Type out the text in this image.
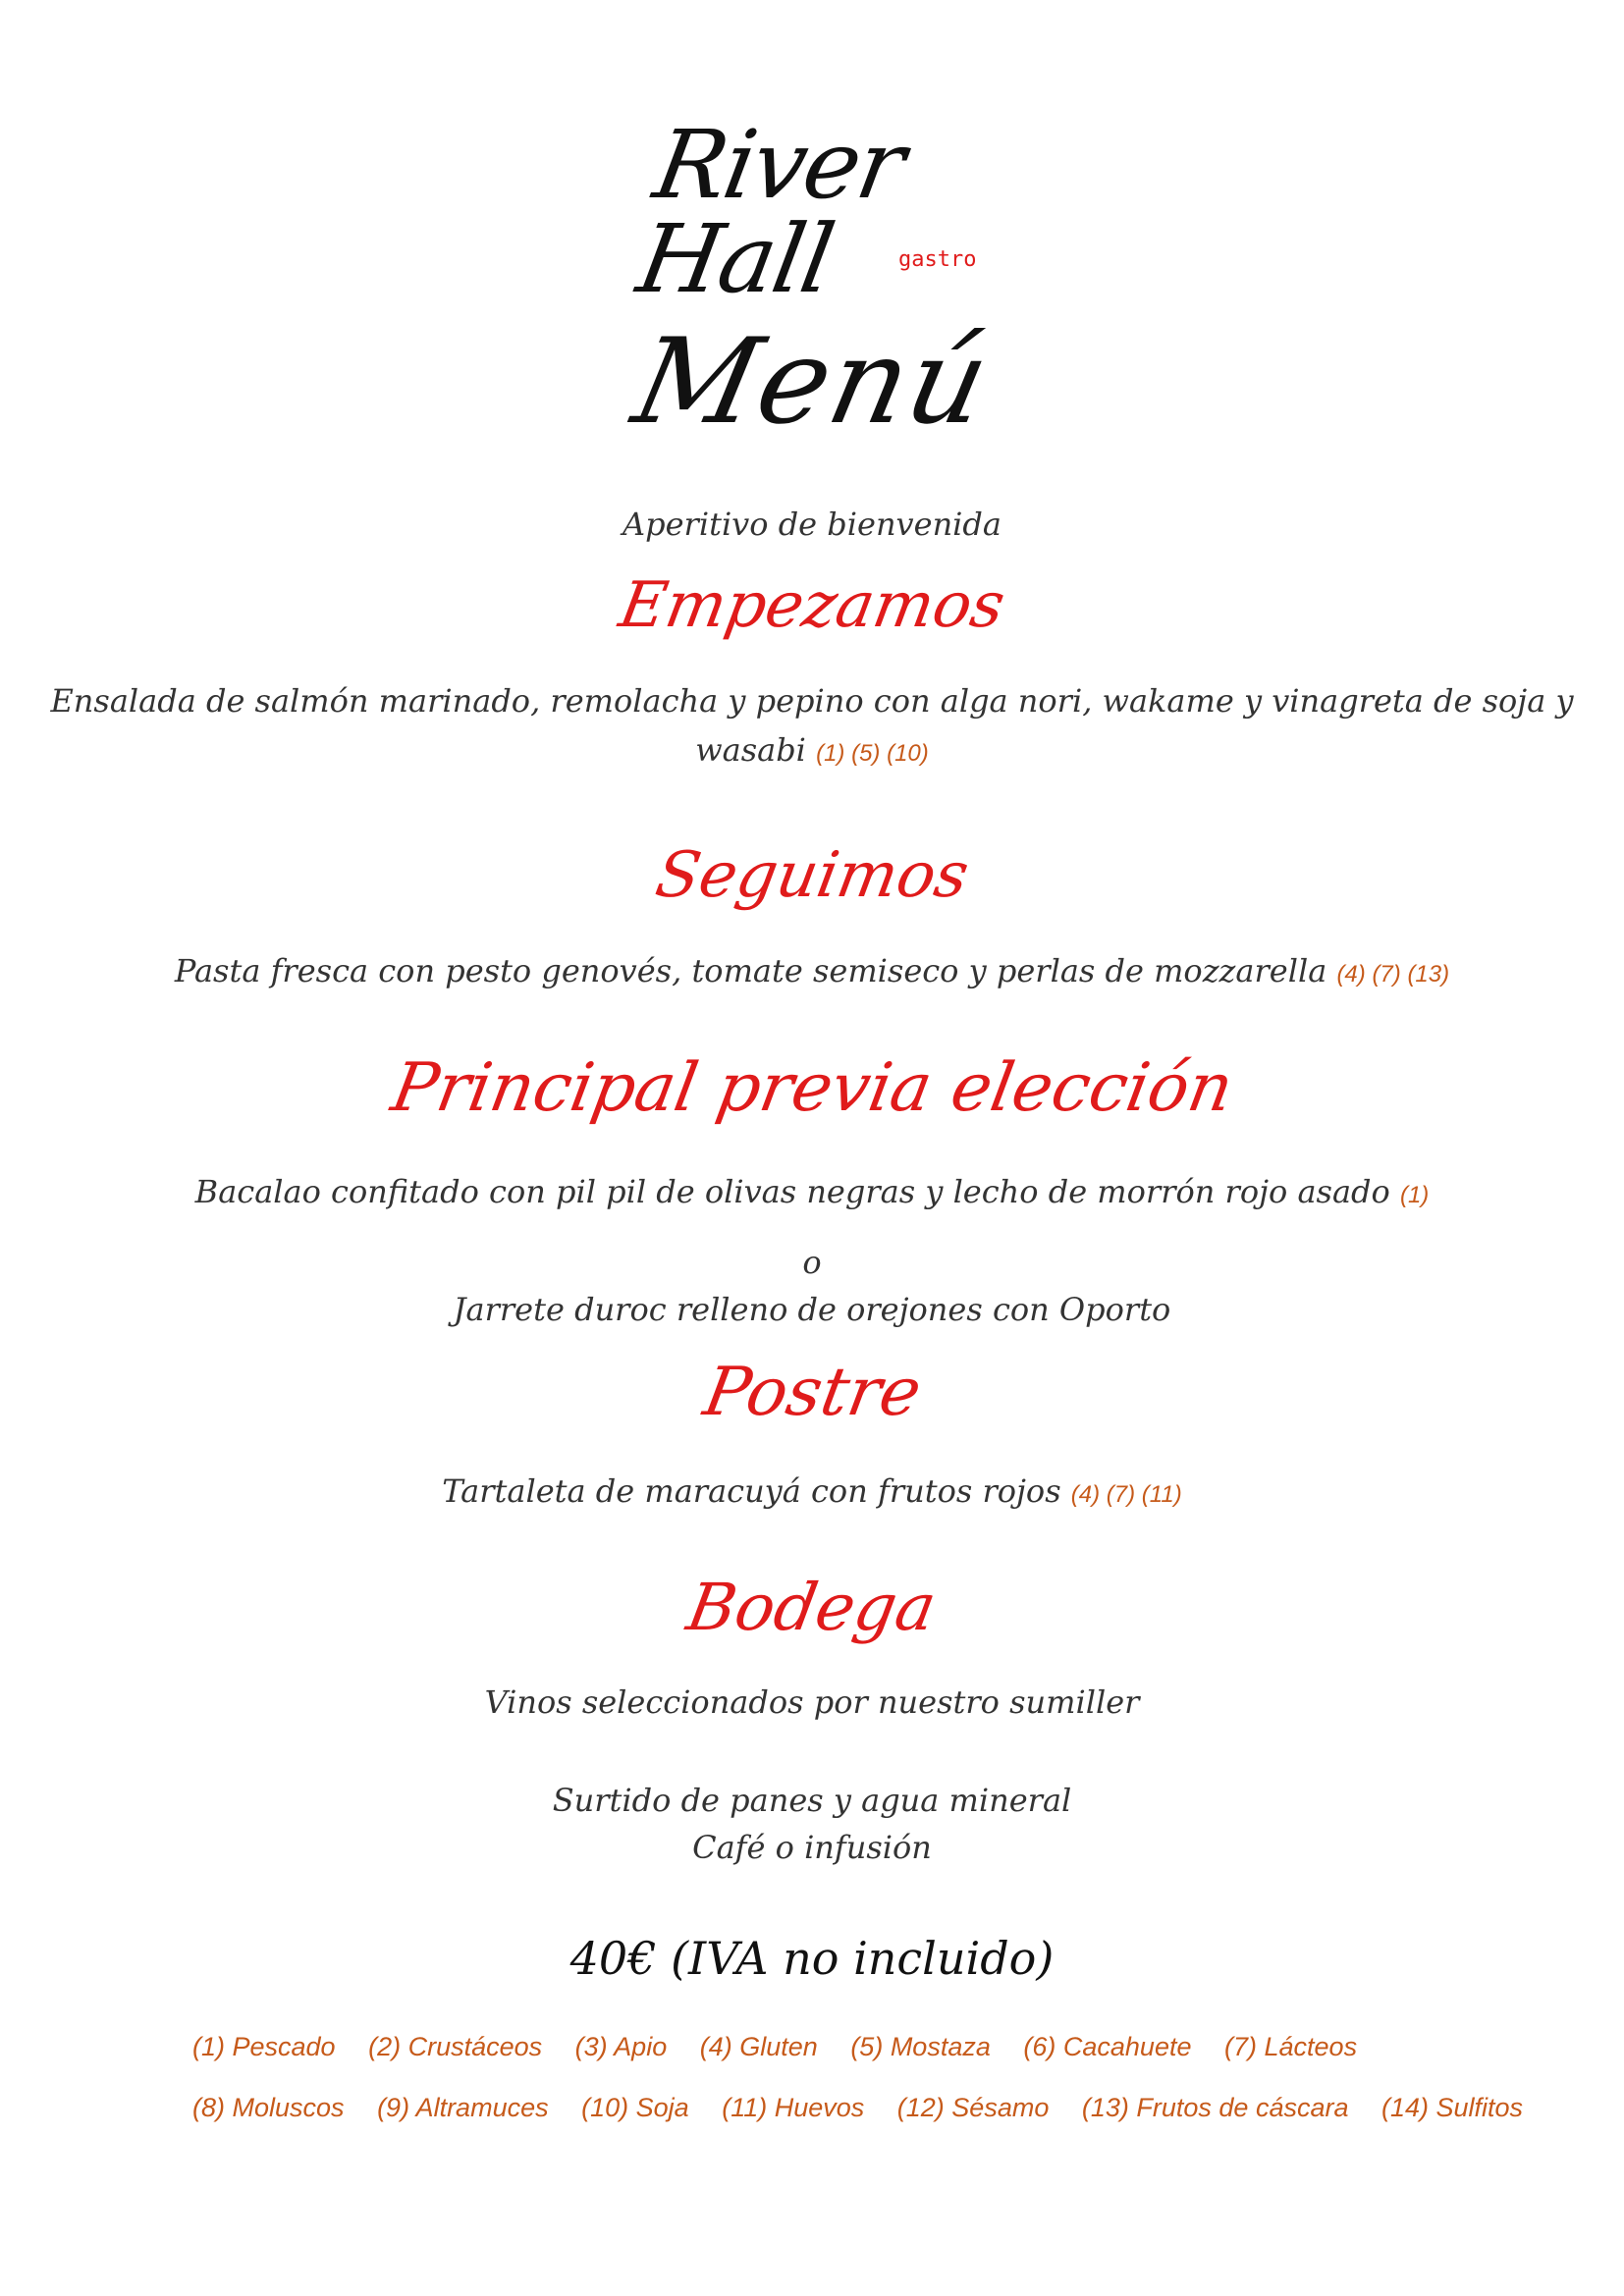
River Hall	gastro
Menú
Aperitivo de bienvenida
Empezamos
Ensalada de salmón marinado, remolacha y pepino con alga nori, wakame y vinagreta de soja y
wasabi (1) (5) (10)
Seguimos
Pasta fresca con pesto genovés, tomate semiseco y perlas de mozzarella (4) (7) (13)
Principal previa elección
Bacalao confitado con pil pil de olivas negras y lecho de morrón rojo asado (1)
o
Jarrete duroc relleno de orejones con Oporto
Postre
Tartaleta de maracuyá con frutos rojos (4) (7) (11)
Bodega
Vinos seleccionados por nuestro sumiller
Surtido de panes y agua mineral
Café o infusión
40€ (IVA no incluido)
(1) Pescado (2) Crustáceos (3) Apio (4) Gluten (5) Mostaza (6) Cacahuete (7) Lácteos
(8) Moluscos (9) Altramuces (10) Soja (11) Huevos (12) Sésamo (13) Frutos de cáscara (14) Sulfitos
